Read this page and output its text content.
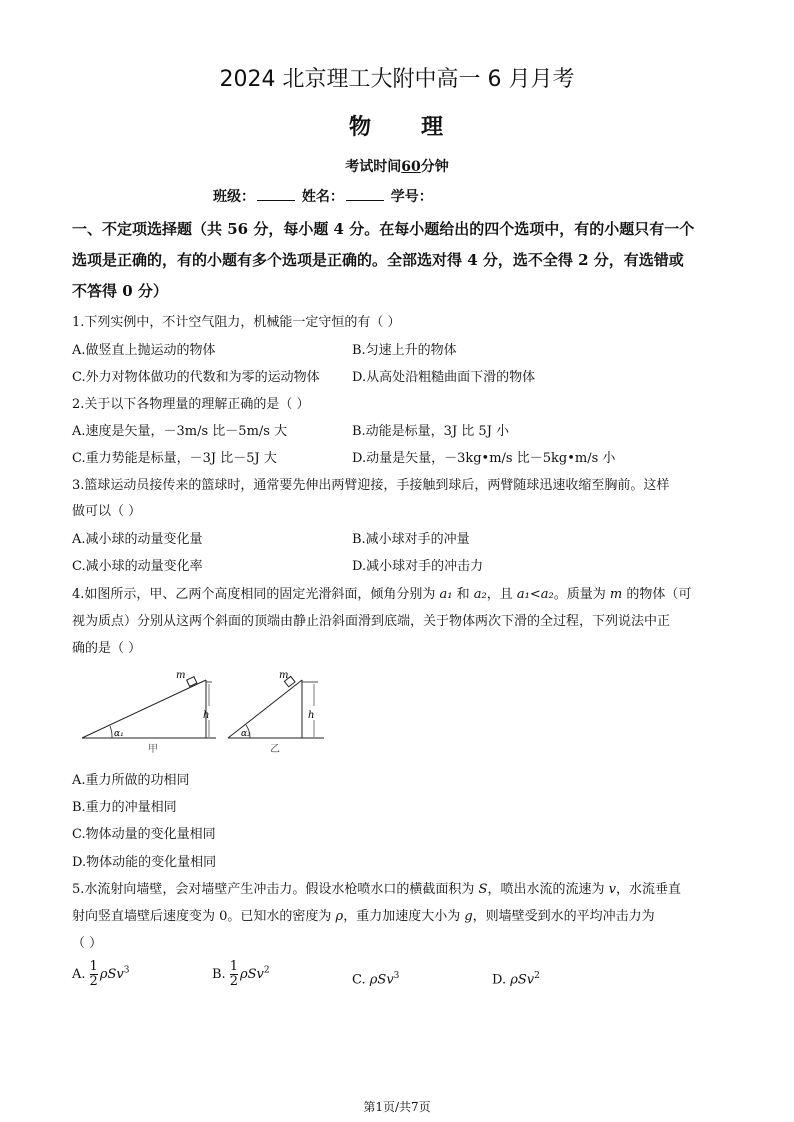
2024 北京理工大附中高一 6 月月考
物 理
考试时间60分钟
班级：	姓名：	学号：
一、不定项选择题（共 56 分，每小题 4 分。在每小题给出的四个选项中，有的小题只有一个
选项是正确的，有的小题有多个选项是正确的。全部选对得 4 分，选不全得 2 分，有选错或
不答得 0 分）
1.下列实例中，不计空气阻力，机械能一定守恒的有（ ）
A.做竖直上抛运动的物体	B.匀速上升的物体
C.外力对物体做功的代数和为零的运动物体 D.从高处沿粗糙曲面下滑的物体
2.关于以下各物理量的理解正确的是（ ）
A.速度是矢量，－3m/s 比－5m/s 大	B.动能是标量，3J 比 5J 小
C.重力势能是标量，－3J 比－5J 大	D.动量是矢量，－3kg•m/s 比－5kg•m/s 小
3.篮球运动员接传来的篮球时，通常要先伸出两臂迎接，手接触到球后，两臂随球迅速收缩至胸前。这样
做可以（ ）
A.减小球的动量变化量	B.减小球对手的冲量
C.减小球的动量变化率	D.减小球对手的冲击力
4.如图所示，甲、乙两个高度相同的固定光滑斜面，倾角分别为 a₁ 和 a₂，且 a₁<a₂。质量为 m 的物体（可
视为质点）分别从这两个斜面的顶端由静止沿斜面滑到底端，关于物体两次下滑的全过程，下列说法中正
确的是（ ）
m
h
α₁
甲
m
h
α₂
乙
A.重力所做的功相同
B.重力的冲量相同
C.物体动量的变化量相同
D.物体动能的变化量相同
5.水流射向墙壁，会对墙壁产生冲击力。假设水枪喷水口的横截面积为 S，喷出水流的流速为 v，水流垂直
射向竖直墙壁后速度变为 0。已知水的密度为 ρ，重力加速度大小为 g，则墙壁受到水的平均冲击力为
（ ）
A. $\frac{1}{2} \rho Sv^3$	B. $\frac{1}{2} \rho Sv^2$
C. ρSv$^3$	D. ρSv$^2$
第1页/共7页
